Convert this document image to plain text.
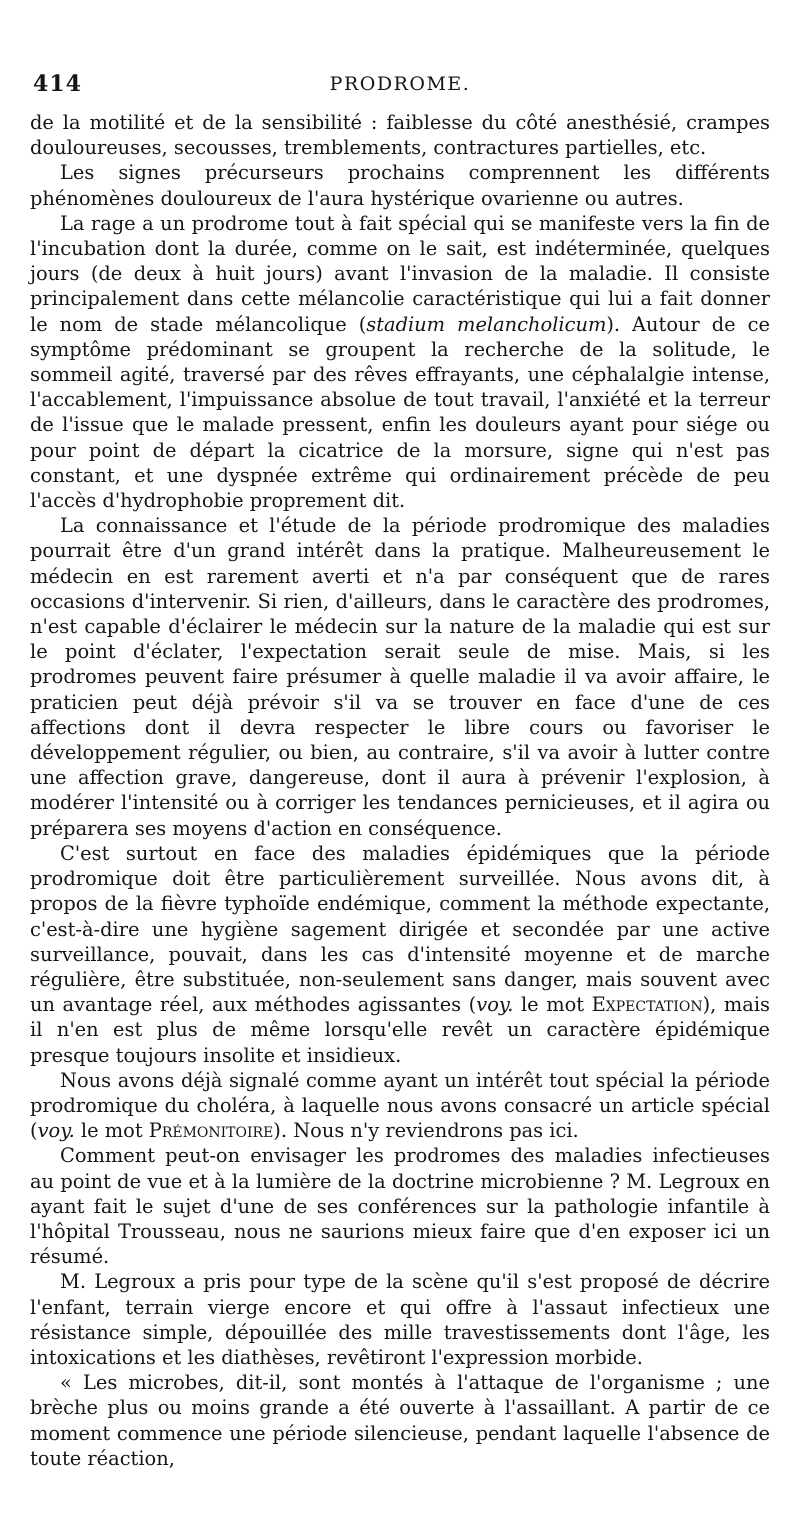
414	PRODROME.

de la motilité et de la sensibilité : faiblesse du côté anesthésié, crampes douloureuses, secousses, tremblements, contractures partielles, etc.

Les signes précurseurs prochains comprennent les différents phénomènes douloureux de l'aura hystérique ovarienne ou autres.

La rage a un prodrome tout à fait spécial qui se manifeste vers la fin de l'incubation dont la durée, comme on le sait, est indéterminée, quelques jours (de deux à huit jours) avant l'invasion de la maladie. Il consiste principalement dans cette mélancolie caractéristique qui lui a fait donner le nom de stade mélancolique (stadium melancholicum). Autour de ce symptôme prédominant se groupent la recherche de la solitude, le sommeil agité, traversé par des rêves effrayants, une céphalalgie intense, l'accablement, l'impuissance absolue de tout travail, l'anxiété et la terreur de l'issue que le malade pressent, enfin les douleurs ayant pour siége ou pour point de départ la cicatrice de la morsure, signe qui n'est pas constant, et une dyspnée extrême qui ordinairement précède de peu l'accès d'hydrophobie proprement dit.

La connaissance et l'étude de la période prodromique des maladies pourrait être d'un grand intérêt dans la pratique. Malheureusement le médecin en est rarement averti et n'a par conséquent que de rares occasions d'intervenir. Si rien, d'ailleurs, dans le caractère des prodromes, n'est capable d'éclairer le médecin sur la nature de la maladie qui est sur le point d'éclater, l'expectation serait seule de mise. Mais, si les prodromes peuvent faire présumer à quelle maladie il va avoir affaire, le praticien peut déjà prévoir s'il va se trouver en face d'une de ces affections dont il devra respecter le libre cours ou favoriser le développement régulier, ou bien, au contraire, s'il va avoir à lutter contre une affection grave, dangereuse, dont il aura à prévenir l'explosion, à modérer l'intensité ou à corriger les tendances pernicieuses, et il agira ou préparera ses moyens d'action en conséquence.

C'est surtout en face des maladies épidémiques que la période prodromique doit être particulièrement surveillée. Nous avons dit, à propos de la fièvre typhoïde endémique, comment la méthode expectante, c'est-à-dire une hygiène sagement dirigée et secondée par une active surveillance, pouvait, dans les cas d'intensité moyenne et de marche régulière, être substituée, non-seulement sans danger, mais souvent avec un avantage réel, aux méthodes agissantes (voy. le mot Expectation), mais il n'en est plus de même lorsqu'elle revêt un caractère épidémique presque toujours insolite et insidieux.

Nous avons déjà signalé comme ayant un intérêt tout spécial la période prodromique du choléra, à laquelle nous avons consacré un article spécial (voy. le mot Prémonitoire). Nous n'y reviendrons pas ici.

Comment peut-on envisager les prodromes des maladies infectieuses au point de vue et à la lumière de la doctrine microbienne ? M. Legroux en ayant fait le sujet d'une de ses conférences sur la pathologie infantile à l'hôpital Trousseau, nous ne saurions mieux faire que d'en exposer ici un résumé.

M. Legroux a pris pour type de la scène qu'il s'est proposé de décrire l'enfant, terrain vierge encore et qui offre à l'assaut infectieux une résistance simple, dépouillée des mille travestissements dont l'âge, les intoxications et les diathèses, revêtiront l'expression morbide.

« Les microbes, dit-il, sont montés à l'attaque de l'organisme ; une brèche plus ou moins grande a été ouverte à l'assaillant. A partir de ce moment commence une période silencieuse, pendant laquelle l'absence de toute réaction,
